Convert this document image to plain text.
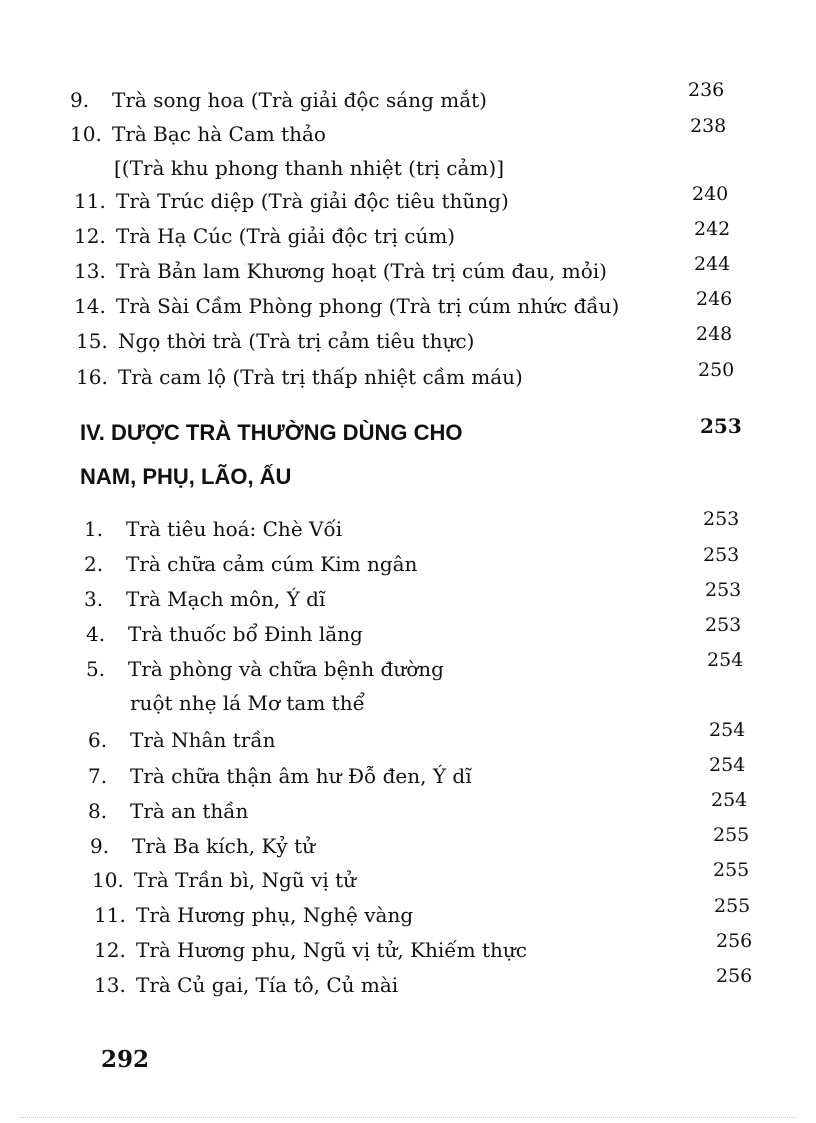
9. Trà song hoa (Trà giải độc sáng mắt)	236
10. Trà Bạc hà Cam thảo	238
[(Trà khu phong thanh nhiệt (trị cảm)]
11. Trà Trúc diệp (Trà giải độc tiêu thũng)	240
12. Trà Hạ Cúc (Trà giải độc trị cúm)	242
13. Trà Bản lam Khương hoạt (Trà trị cúm đau, mỏi)	244
14. Trà Sài Cầm Phòng phong (Trà trị cúm nhức đầu)	246
15. Ngọ thời trà (Trà trị cảm tiêu thực)	248
16. Trà cam lộ (Trà trị thấp nhiệt cầm máu)	250
IV. DƯỢC TRÀ THƯỜNG DÙNG CHO	253
NAM, PHỤ, LÃO, ẤU
1. Trà tiêu hoá: Chè Vối	253
2. Trà chữa cảm cúm Kim ngân	253
3. Trà Mạch môn, Ý dĩ	253
4. Trà thuốc bổ Đinh lăng	253
5. Trà phòng và chữa bệnh đường	254
ruột nhẹ lá Mơ tam thể
6. Trà Nhân trần	254
7. Trà chữa thận âm hư Đỗ đen, Ý dĩ	254
8. Trà an thần	254
9. Trà Ba kích, Kỷ tử	255
10. Trà Trần bì, Ngũ vị tử	255
11. Trà Hương phụ, Nghệ vàng	255
12. Trà Hương phu, Ngũ vị tử, Khiếm thực	256
13. Trà Củ gai, Tía tô, Củ mài	256
292
